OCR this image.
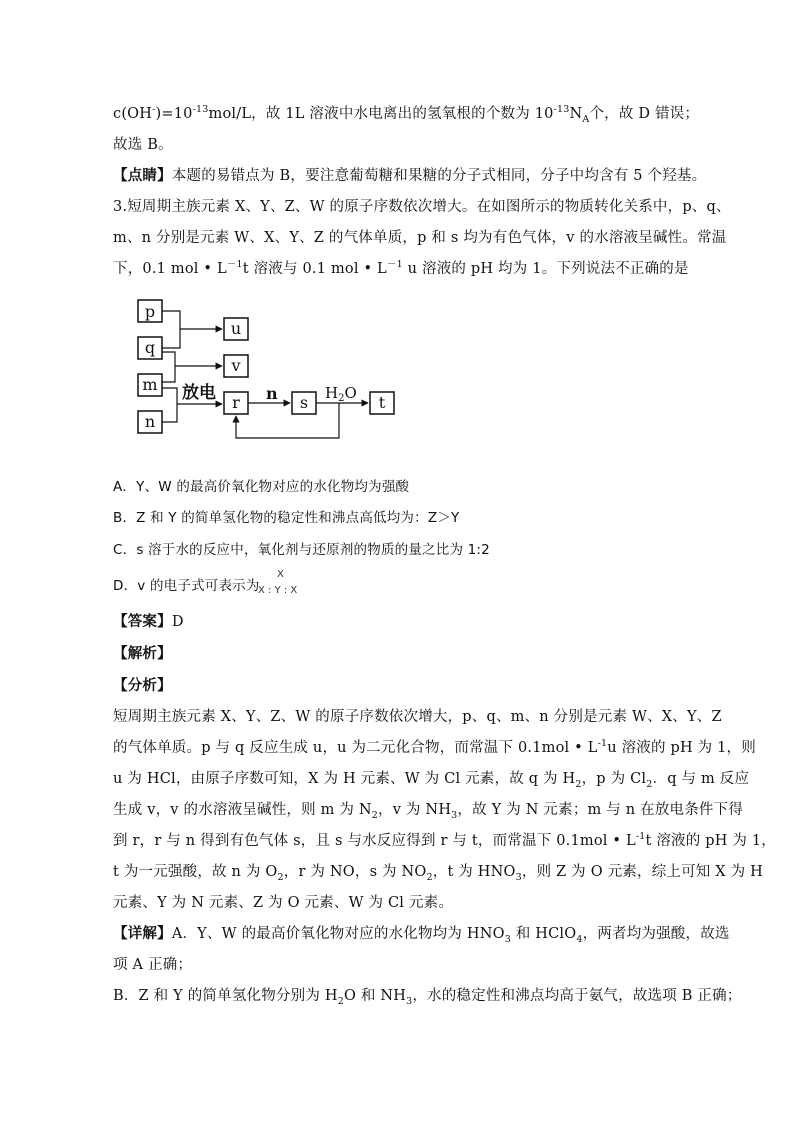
$c(OH^-)=10^{-13}mol/L$，故 1L 溶液中水电离出的氢氧根的个数为 $10^{-13}N_A$个，故 D 错误；
故选 B。
【点睛】本题的易错点为 B，要注意葡萄糖和果糖的分子式相同，分子中均含有 5 个羟基。
3.短周期主族元素 X、Y、Z、W 的原子序数依次增大。在如图所示的物质转化关系中，p、q、
m、n 分别是元素 W、X、Y、Z 的气体单质，p 和 s 均为有色气体，v 的水溶液呈碱性。常温
下，0.1 mol • $L^{-1}t$ 溶液与 0.1 mol • $L^{-1}$ u 溶液的 pH 均为 1。下列说法不正确的是
p
q
m
n
放电
u
v
r n s $H_2O$ t
A．Y、W 的最高价氧化物对应的水化物均为强酸
B．Z 和 Y 的简单氢化物的稳定性和沸点高低均为：Z＞Y
C．s 溶于水的反应中，氧化剂与还原剂的物质的量之比为 1:2
D．v 的电子式可表示为
X
X : Y : X
【答案】D
【解析】
【分析】
短周期主族元素 X、Y、Z、W 的原子序数依次增大，p、q、m、n 分别是元素 W、X、Y、Z
的气体单质。p 与 q 反应生成 u，u 为二元化合物，而常温下 0.1mol • $L^{-1}u$ 溶液的 pH 为 1，则
u 为 HCl，由原子序数可知，X 为 H 元素、W 为 Cl 元素，故 q 为 $H_2$，p 为 $Cl_2$．q 与 m 反应
生成 v，v 的水溶液呈碱性，则 m 为 $N_2$，v 为 $NH_3$，故 Y 为 N 元素；m 与 n 在放电条件下得
到 r，r 与 n 得到有色气体 s，且 s 与水反应得到 r 与 t，而常温下 0.1mol • $L^{-1}t$ 溶液的 pH 为 1，
t 为一元强酸，故 n 为 $O_2$，r 为 NO，s 为 $NO_2$，t 为 $HNO_3$，则 Z 为 O 元素，综上可知 X 为 H
元素、Y 为 N 元素、Z 为 O 元素、W 为 Cl 元素。
【详解】A．Y、W 的最高价氧化物对应的水化物均为 $HNO_3$ 和 HClO$_4$，两者均为强酸，故选
项 A 正确；
B．Z 和 Y 的简单氢化物分别为 $H_2O$ 和 $NH_3$，水的稳定性和沸点均高于氨气，故选项 B 正确；
